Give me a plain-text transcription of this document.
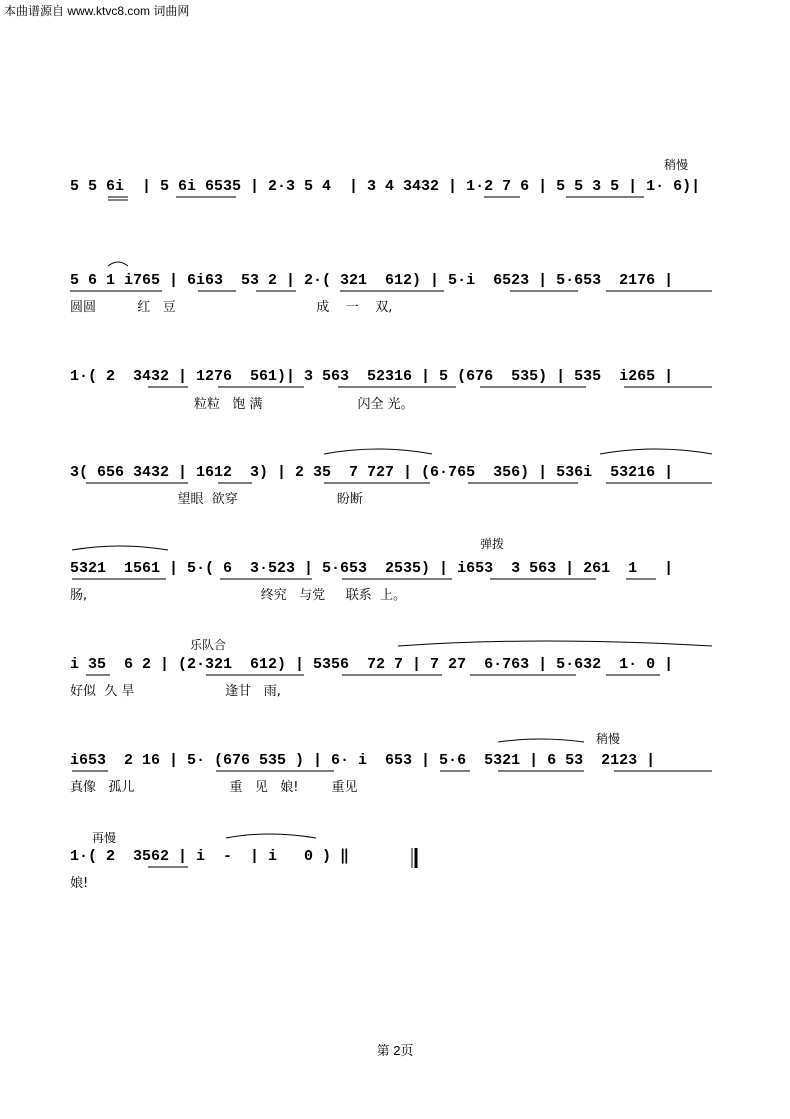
本曲谱源自 www.ktvc8.com 词曲网
稍慢
弹拨
乐队合
稍慢
再慢
5 5 6i  | 5 6i 6535 | 2·3 5 4  | 3 4 3432 | 1·2 7 6 | 5 5 3 5 | 1· 6)|
5 6 1 i765 | 6i63  53 2 | 2·( 321  612) | 5·i  6523 | 5·653  2176 |
圆圆          红   豆                                  成    一    双,
1·( 2  3432 | 1276  561)| 3 563  52316 | 5 (676  535) | 535  i265 |
粒粒   饱 满                       闪全 光。
3( 656 3432 | 1612  3) | 2 35  7 727 | (6·765  356) | 536i  53216 |
望眼  欲穿                        盼断
5321  1561 | 5·( 6  3·523 | 5·653  2535) | i653  3 563 | 261  1   |
肠,                                          终究   与党     联系  上。
i 35  6 2 | (2·321  612) | 5356  72 7 | 7 27  6·763 | 5·632  1· 0 |
好似  久 旱                      逢甘   雨,
i653  2 16 | 5· (676 535 ) | 6· i  653 | 5·6  5321 | 6 53  2123 |
真像   孤儿                       重   见   娘!        重见
1·( 2  3562 | i  -  | i   0 ) ‖
娘!
第 2页
